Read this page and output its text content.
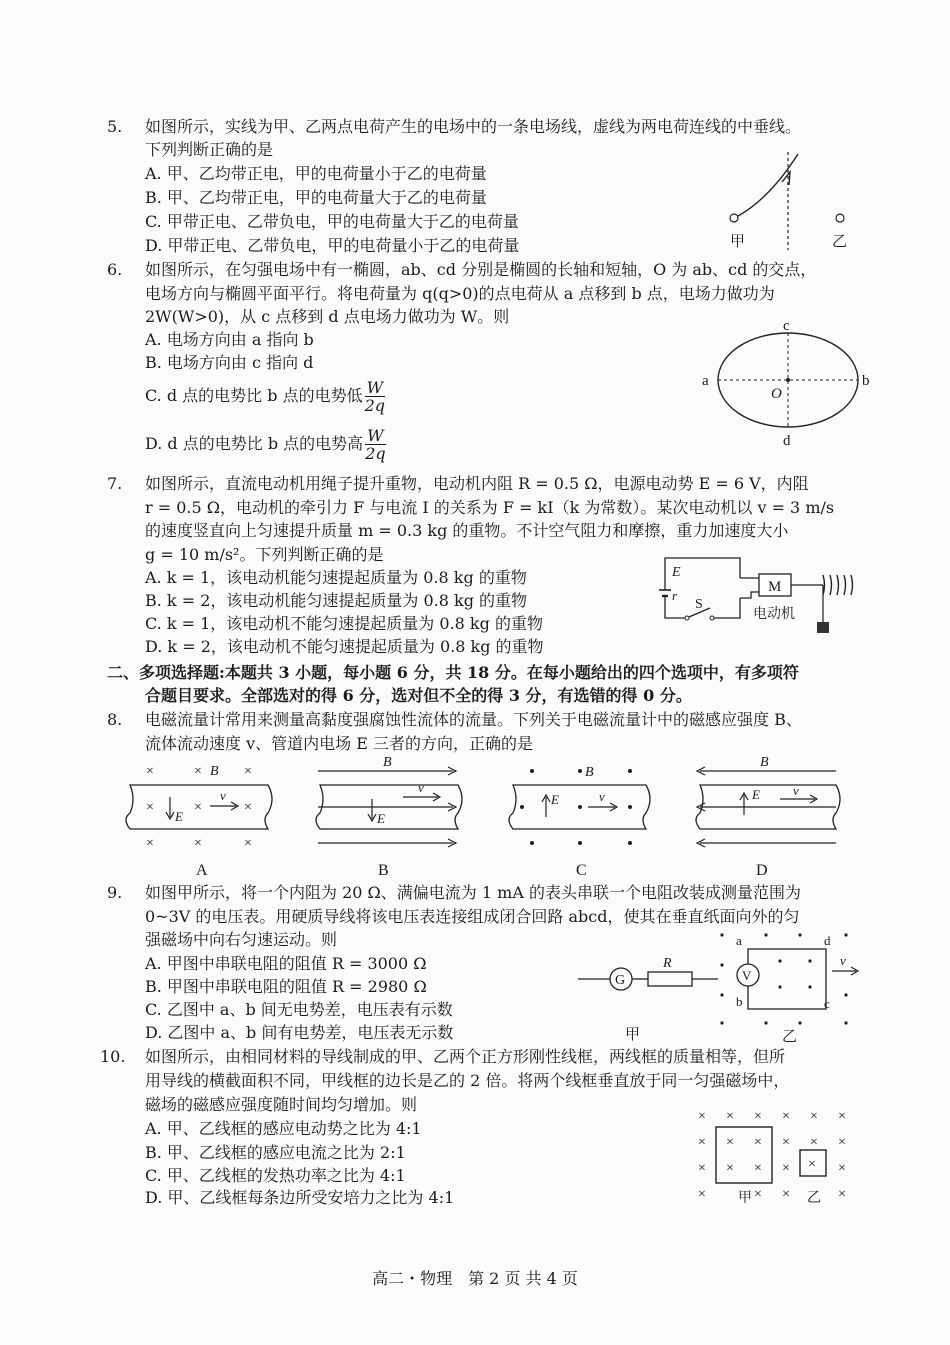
5. 如图所示，实线为甲、乙两点电荷产生的电场中的一条电场线，虚线为两电荷连线的中垂线。
下列判断正确的是
A. 甲、乙均带正电，甲的电荷量小于乙的电荷量
B. 甲、乙均带正电，甲的电荷量大于乙的电荷量
C. 甲带正电、乙带负电，甲的电荷量大于乙的电荷量
D. 甲带正电、乙带负电，甲的电荷量小于乙的电荷量	甲	乙
6. 如图所示，在匀强电场中有一椭圆，ab、cd 分别是椭圆的长轴和短轴，O 为 ab、cd 的交点，
电场方向与椭圆平面平行。将电荷量为 q(q>0)的点电荷从 a 点移到 b 点，电场力做功为
2W(W>0)，从 c 点移到 d 点电场力做功为 W。则
A. 电场方向由 a 指向 b
B. 电场方向由 c 指向 d
C. d 点的电势比 b 点的电势低 $\frac{W}{2q}$
D. d 点的电势比 b 点的电势高 $\frac{W}{2q}$
a	b
c
d
O
7. 如图所示，直流电动机用绳子提升重物，电动机内阻 R = 0.5 Ω，电源电动势 E = 6 V，内阻
r = 0.5 Ω，电动机的牵引力 F 与电流 I 的关系为 F = kI（k 为常数）。某次电动机以 v = 3 m/s
的速度竖直向上匀速提升质量 m = 0.3 kg 的重物。不计空气阻力和摩擦，重力加速度大小
g = 10 m/s²。下列判断正确的是
A. k = 1，该电动机能匀速提起质量为 0.8 kg 的重物
B. k = 2，该电动机能匀速提起质量为 0.8 kg 的重物
C. k = 1，该电动机不能匀速提起质量为 0.8 kg 的重物
D. k = 2，该电动机不能匀速提起质量为 0.8 kg 的重物
E
r
S
M
电动机
二、多项选择题:本题共 3 小题，每小题 6 分，共 18 分。在每小题给出的四个选项中，有多项符
合题目要求。全部选对的得 6 分，选对但不全的得 3 分，有选错的得 0 分。
8. 电磁流量计常用来测量高黏度强腐蚀性流体的流量。下列关于电磁流量计中的磁感应强度 B、
流体流动速度 v、管道内电场 E 三者的方向，正确的是
×	× B ×
×	×	×
×	×	×
E
v
A
B
E
v
B
B
E	v
C
B
E	v
D
9. 如图甲所示，将一个内阻为 20 Ω、满偏电流为 1 mA 的表头串联一个电阻改装成测量范围为
0~3V 的电压表。用硬质导线将该电压表连接组成闭合回路 abcd，使其在垂直纸面向外的匀
强磁场中向右匀速运动。则
A. 甲图中串联电阻的阻值 R = 3000 Ω
B. 甲图中串联电阻的阻值 R = 2980 Ω
C. 乙图中 a、b 间无电势差，电压表有示数
D. 乙图中 a、b 间有电势差，电压表无示数
G
R
甲
V
a
b	c
d
v
乙
10. 如图所示，由相同材料的导线制成的甲、乙两个正方形刚性线框，两线框的质量相等，但所
用导线的横截面积不同，甲线框的边长是乙的 2 倍。将两个线框垂直放于同一匀强磁场中，
磁场的磁感应强度随时间均匀增加。则
A. 甲、乙线框的感应电动势之比为 4:1
B. 甲、乙线框的感应电流之比为 2:1
C. 甲、乙线框的发热功率之比为 4:1
D. 甲、乙线框每条边所受安培力之比为 4:1
× × × × × ×
× × × × × ×
× × × ×	×
×	× ×	×
×
甲	乙
高二・物理　第 2 页 共 4 页
